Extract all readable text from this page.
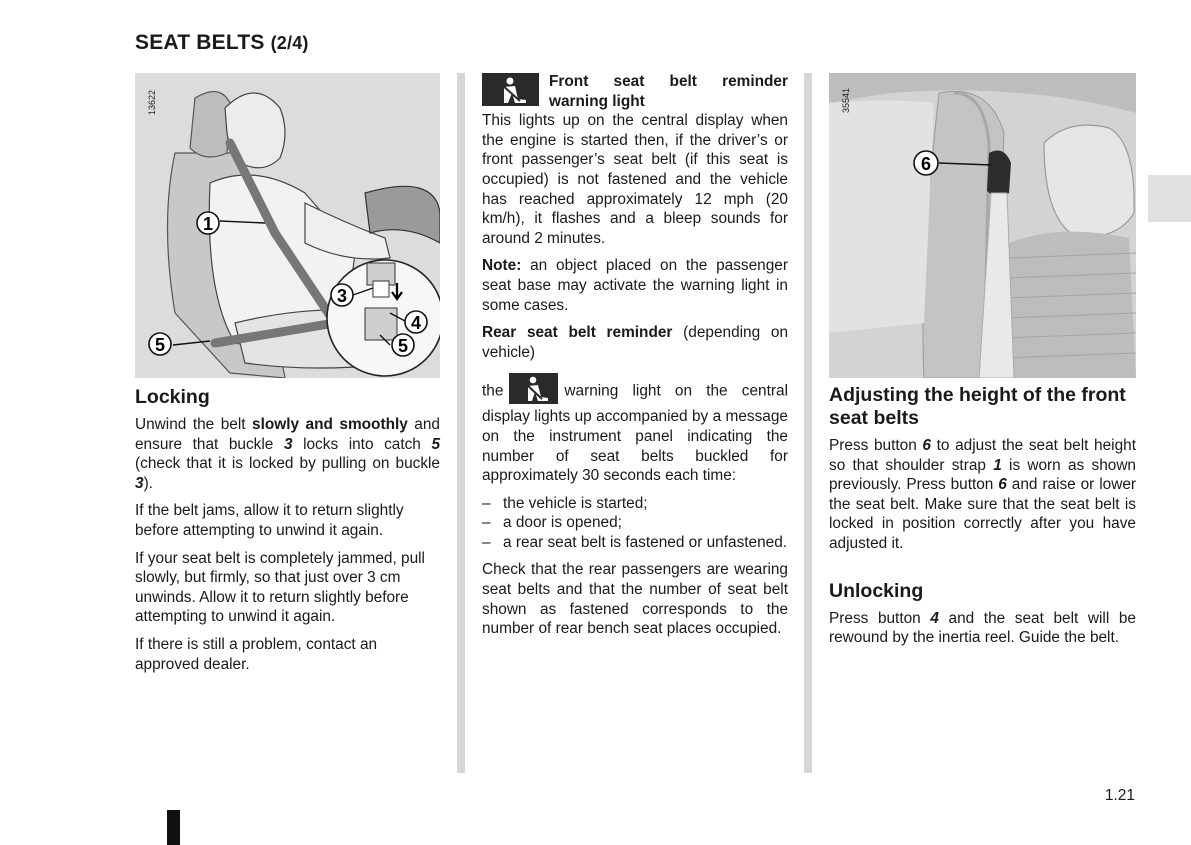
SEAT BELTS (2/4)
1
3
4
5
5
13622
Locking

Unwind the belt slowly and smoothly and ensure that buckle 3 locks into catch 5 (check that it is locked by pulling on buckle 3).

If the belt jams, allow it to return slightly before attempting to unwind it again.

If your seat belt is completely jammed, pull slowly, but firmly, so that just over 3 cm unwinds. Allow it to return slightly before attempting to unwind it again.

If there is still a problem, contact an approved dealer.

Front seat belt reminder
warning light

This lights up on the central display when the engine is started then, if the driver’s or front passenger’s seat belt (if this seat is occupied) is not fastened and the vehicle has reached approximately 12 mph (20 km/h), it flashes and a bleep sounds for around 2 minutes.

Note: an object placed on the passenger seat base may activate the warning light in some cases.

Rear seat belt reminder (depending on vehicle)

the	warning light on the central display lights up accompanied by a message on the instrument panel indicating the number of seat belts buckled for approximately 30 seconds each time:

– the vehicle is started;
– a door is opened;
– a rear seat belt is fastened or unfastened.

Check that the rear passengers are wearing seat belts and that the number of seat belt shown as fastened corresponds to the number of rear bench seat places occupied.

6
35541
Adjusting the height of the front seat belts

Press button 6 to adjust the seat belt height so that shoulder strap 1 is worn as shown previously. Press button 6 and raise or lower the seat belt. Make sure that the seat belt is locked in position correctly after you have adjusted it.

Unlocking

Press button 4 and the seat belt will be rewound by the inertia reel. Guide the belt.

1.21
